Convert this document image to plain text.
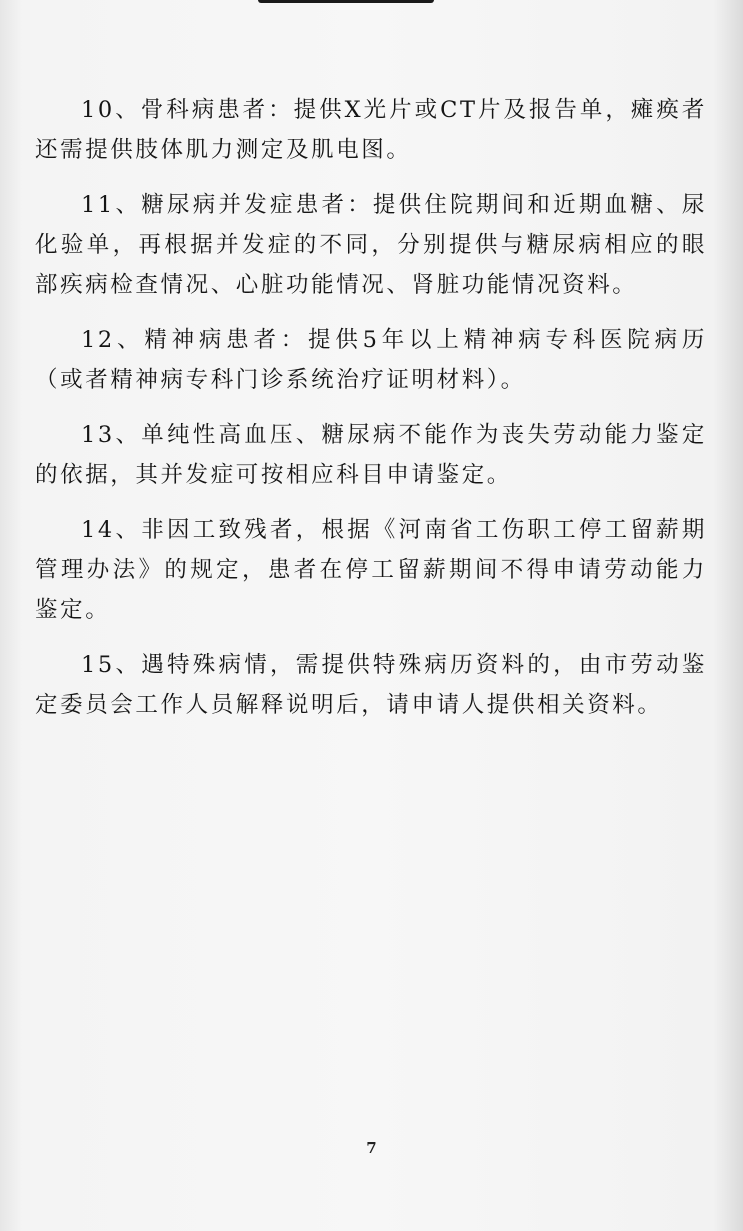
10、骨科病患者：提供X光片或CT片及报告单，瘫痪者还需提供肢体肌力测定及肌电图。

11、糖尿病并发症患者：提供住院期间和近期血糖、尿化验单，再根据并发症的不同，分别提供与糖尿病相应的眼部疾病检查情况、心脏功能情况、肾脏功能情况资料。

12、精神病患者：提供5年以上精神病专科医院病历（或者精神病专科门诊系统治疗证明材料）。

13、单纯性高血压、糖尿病不能作为丧失劳动能力鉴定的依据，其并发症可按相应科目申请鉴定。

14、非因工致残者，根据《河南省工伤职工停工留薪期管理办法》的规定，患者在停工留薪期间不得申请劳动能力鉴定。

15、遇特殊病情，需提供特殊病历资料的，由市劳动鉴定委员会工作人员解释说明后，请申请人提供相关资料。

7
